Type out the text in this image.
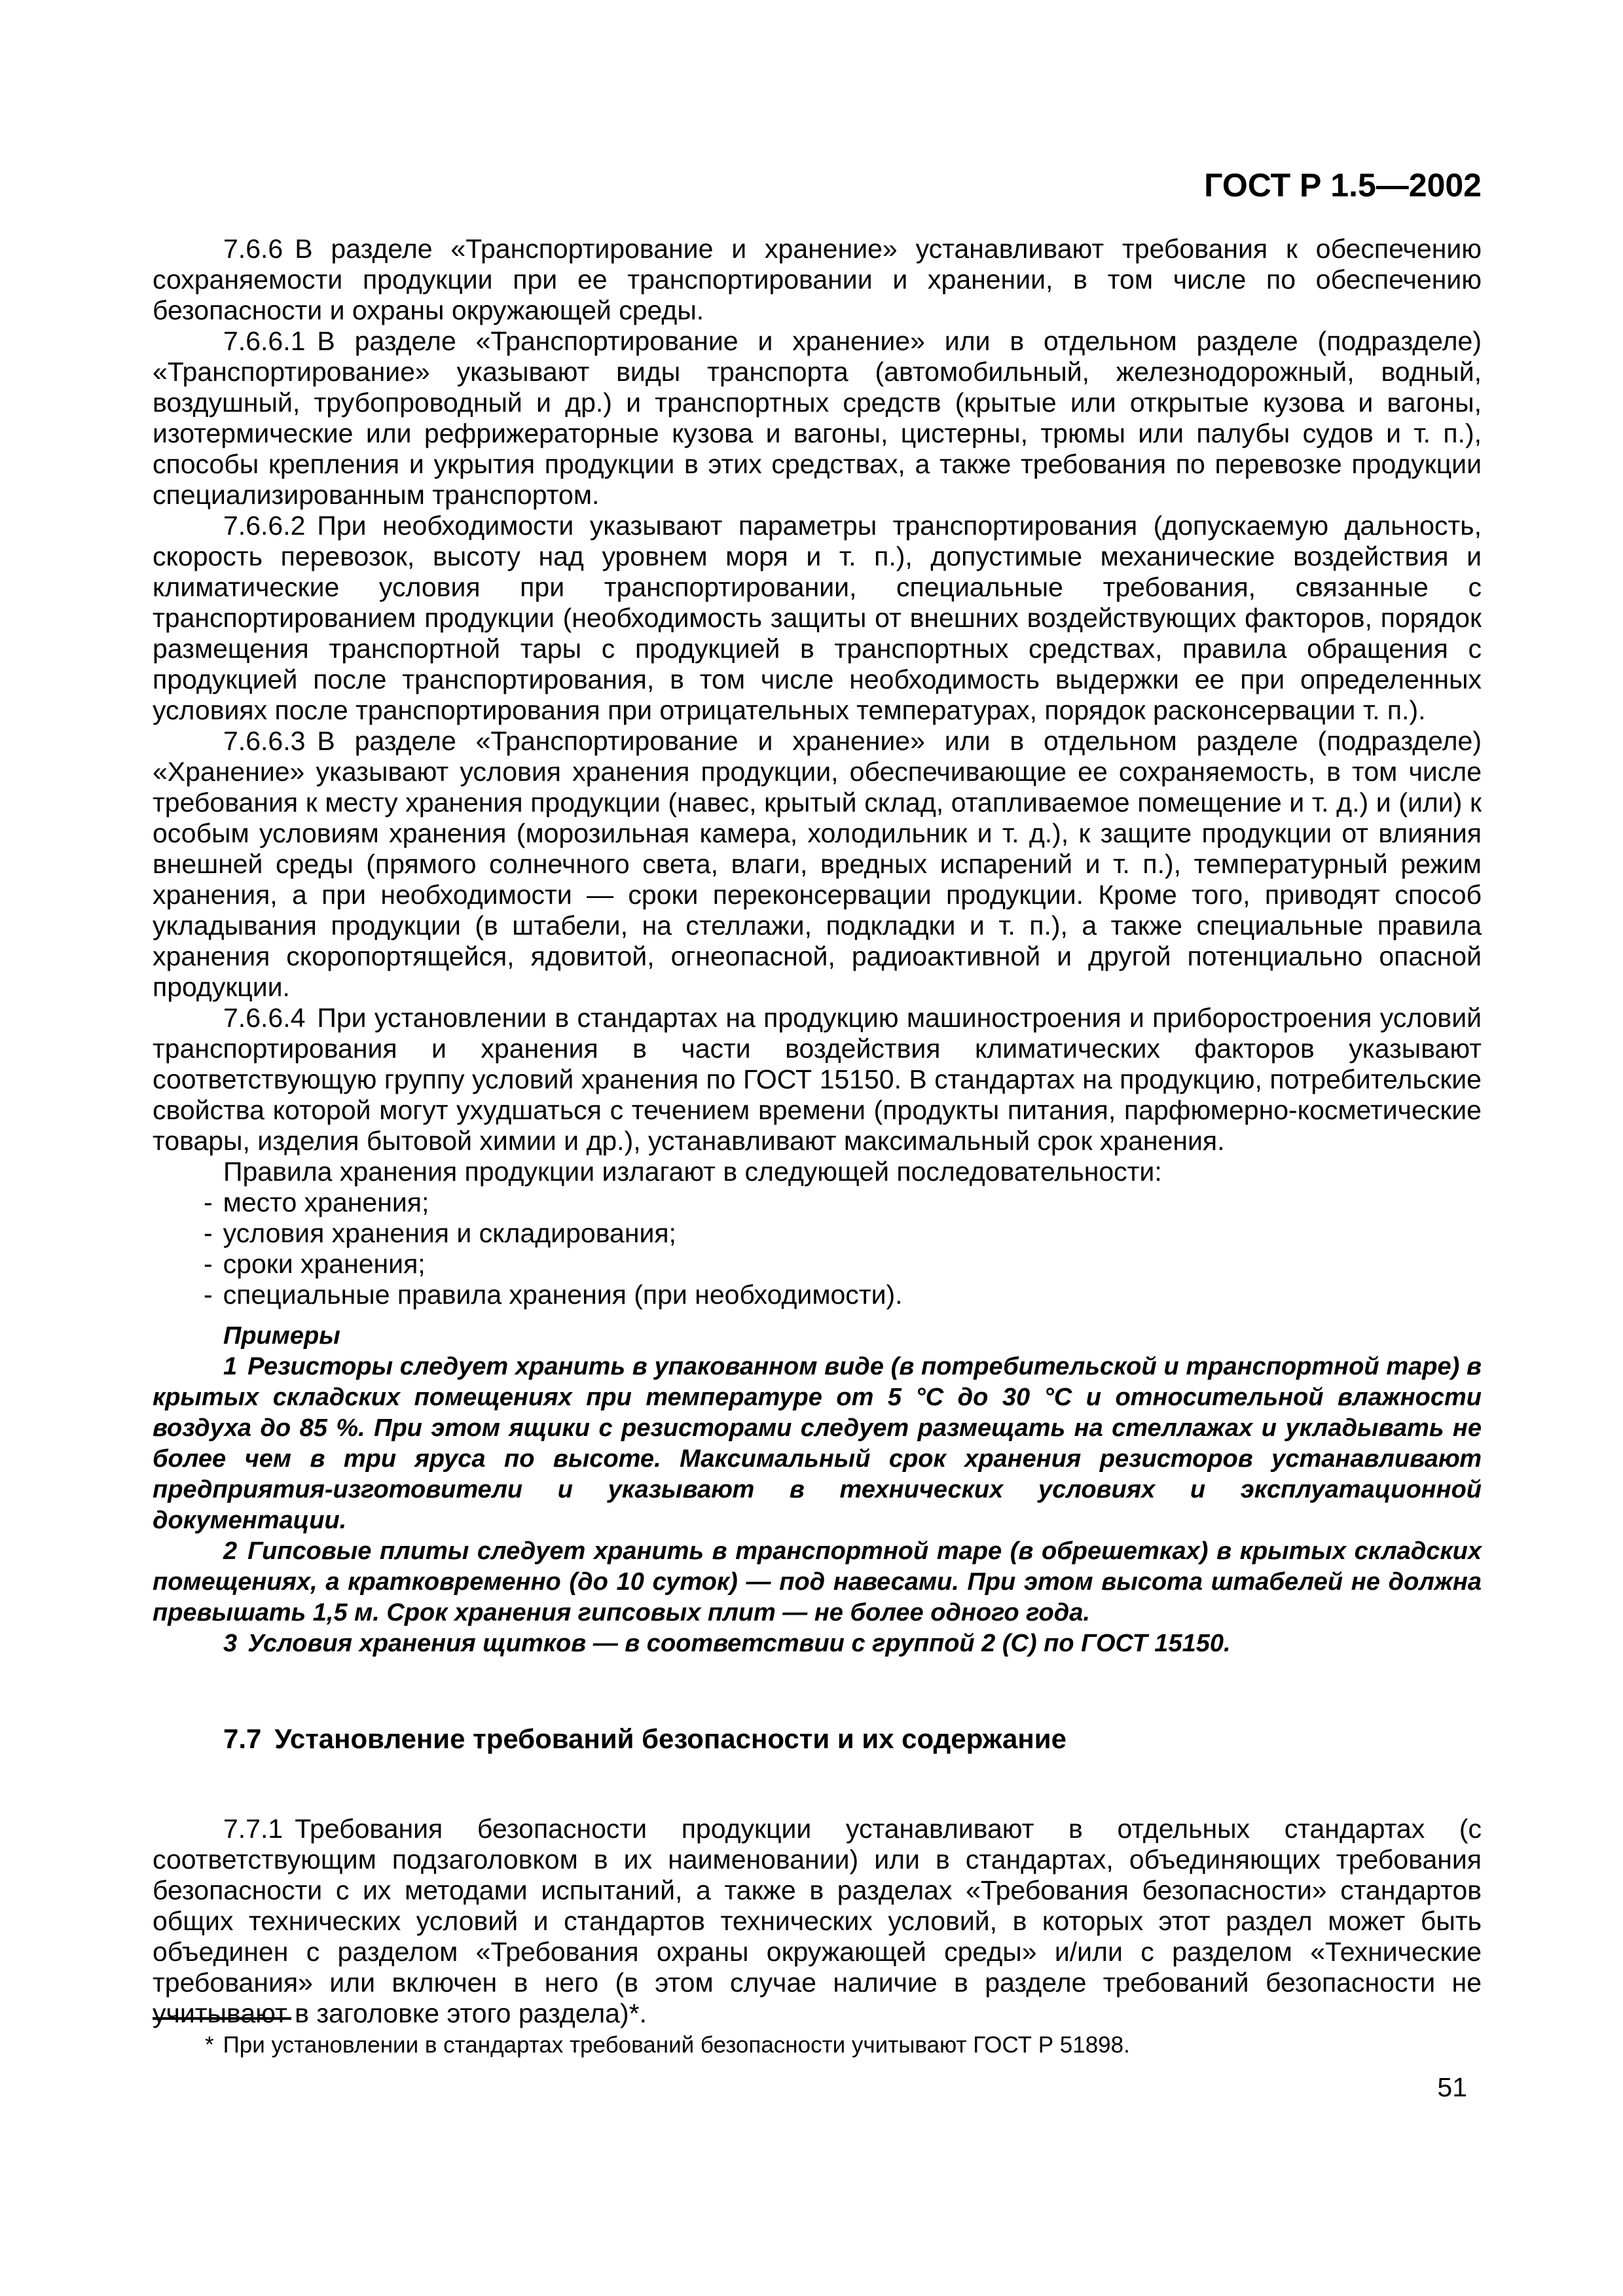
ГОСТ Р 1.5—2002

7.6.6 В разделе «Транспортирование и хранение» устанавливают требования к обеспечению сохраняемости продукции при ее транспортировании и хранении, в том числе по обеспечению безопасности и охраны окружающей среды.

7.6.6.1 В разделе «Транспортирование и хранение» или в отдельном разделе (подразделе) «Транспортирование» указывают виды транспорта (автомобильный, железнодорожный, водный, воздушный, трубопроводный и др.) и транспортных средств (крытые или открытые кузова и вагоны, изотермические или рефрижераторные кузова и вагоны, цистерны, трюмы или палубы судов и т. п.), способы крепления и укрытия продукции в этих средствах, а также требования по перевозке продукции специализированным транспортом.

7.6.6.2 При необходимости указывают параметры транспортирования (допускаемую дальность, скорость перевозок, высоту над уровнем моря и т. п.), допустимые механические воздействия и климатические условия при транспортировании, специальные требования, связанные с транспортированием продукции (необходимость защиты от внешних воздействующих факторов, порядок размещения транспортной тары с продукцией в транспортных средствах, правила обращения с продукцией после транспортирования, в том числе необходимость выдержки ее при определенных условиях после транспортирования при отрицательных температурах, порядок расконсервации т. п.).

7.6.6.3 В разделе «Транспортирование и хранение» или в отдельном разделе (подразделе) «Хранение» указывают условия хранения продукции, обеспечивающие ее сохраняемость, в том числе требования к месту хранения продукции (навес, крытый склад, отапливаемое помещение и т. д.) и (или) к особым условиям хранения (морозильная камера, холодильник и т. д.), к защите продукции от влияния внешней среды (прямого солнечного света, влаги, вредных испарений и т. п.), температурный режим хранения, а при необходимости — сроки переконсервации продукции. Кроме того, приводят способ укладывания продукции (в штабели, на стеллажи, подкладки и т. п.), а также специальные правила хранения скоропортящейся, ядовитой, огнеопасной, радиоактивной и другой потенциально опасной продукции.

7.6.6.4 При установлении в стандартах на продукцию машиностроения и приборостроения условий транспортирования и хранения в части воздействия климатических факторов указывают соответствующую группу условий хранения по ГОСТ 15150. В стандартах на продукцию, потребительские свойства которой могут ухудшаться с течением времени (продукты питания, парфюмерно-косметические товары, изделия бытовой химии и др.), устанавливают максимальный срок хранения.

Правила хранения продукции излагают в следующей последовательности:

- место хранения;
- условия хранения и складирования;
- сроки хранения;
- специальные правила хранения (при необходимости).

Примеры

1 Резисторы следует хранить в упакованном виде (в потребительской и транспортной таре) в крытых складских помещениях при температуре от 5 °С до 30 °С и относительной влажности воздуха до 85 %. При этом ящики с резисторами следует размещать на стеллажах и укладывать не более чем в три яруса по высоте. Максимальный срок хранения резисторов устанавливают предприятия-изготовители и указывают в технических условиях и эксплуатационной документации.

2 Гипсовые плиты следует хранить в транспортной таре (в обрешетках) в крытых складских помещениях, а кратковременно (до 10 суток) — под навесами. При этом высота штабелей не должна превышать 1,5 м. Срок хранения гипсовых плит — не более одного года.

3 Условия хранения щитков — в соответствии с группой 2 (С) по ГОСТ 15150.

7.7 Установление требований безопасности и их содержание

7.7.1 Требования безопасности продукции устанавливают в отдельных стандартах (с соответствующим подзаголовком в их наименовании) или в стандартах, объединяющих требования безопасности с их методами испытаний, а также в разделах «Требования безопасности» стандартов общих технических условий и стандартов технических условий, в которых этот раздел может быть объединен с разделом «Требования охраны окружающей среды» и/или с разделом «Технические требования» или включен в него (в этом случае наличие в разделе требований безопасности не учитывают в заголовке этого раздела)*.

* При установлении в стандартах требований безопасности учитывают ГОСТ Р 51898.
51
